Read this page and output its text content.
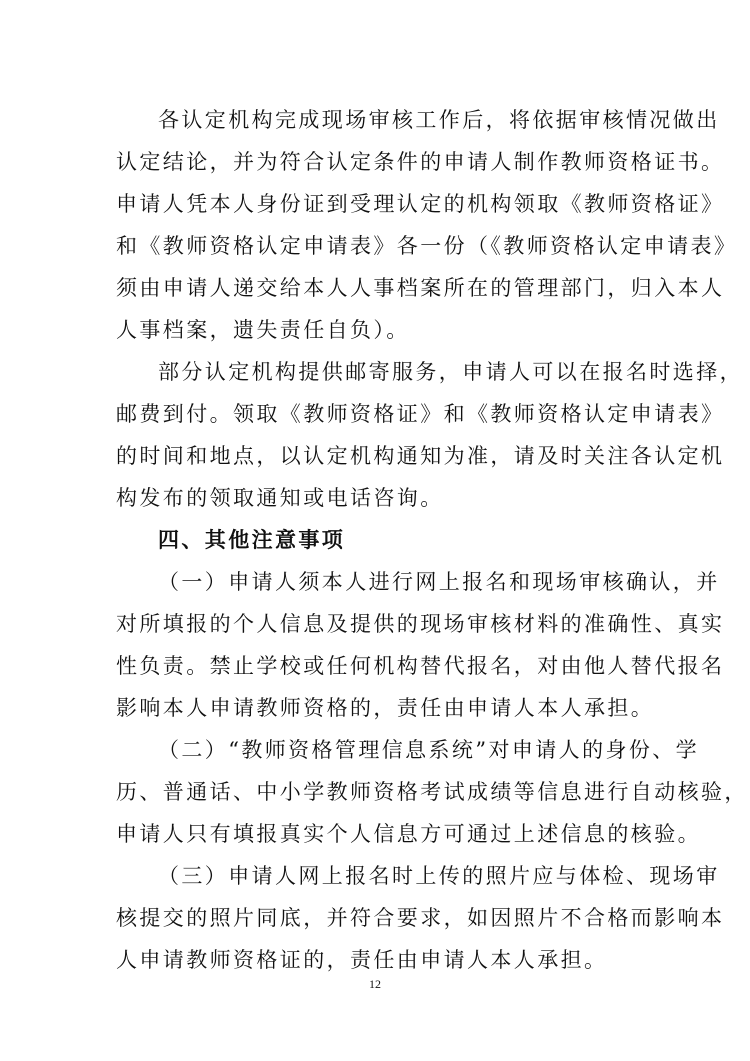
各认定机构完成现场审核工作后，将依据审核情况做出
认定结论，并为符合认定条件的申请人制作教师资格证书。
申请人凭本人身份证到受理认定的机构领取《教师资格证》
和《教师资格认定申请表》各一份（《教师资格认定申请表》
须由申请人递交给本人人事档案所在的管理部门，归入本人
人事档案，遗失责任自负）。
部分认定机构提供邮寄服务，申请人可以在报名时选择，
邮费到付。领取《教师资格证》和《教师资格认定申请表》
的时间和地点，以认定机构通知为准，请及时关注各认定机
构发布的领取通知或电话咨询。
四、其他注意事项
（一）申请人须本人进行网上报名和现场审核确认，并
对所填报的个人信息及提供的现场审核材料的准确性、真实
性负责。禁止学校或任何机构替代报名，对由他人替代报名
影响本人申请教师资格的，责任由申请人本人承担。
（二）“教师资格管理信息系统”对申请人的身份、学
历、普通话、中小学教师资格考试成绩等信息进行自动核验，
申请人只有填报真实个人信息方可通过上述信息的核验。
（三）申请人网上报名时上传的照片应与体检、现场审
核提交的照片同底，并符合要求，如因照片不合格而影响本
人申请教师资格证的，责任由申请人本人承担。
12
